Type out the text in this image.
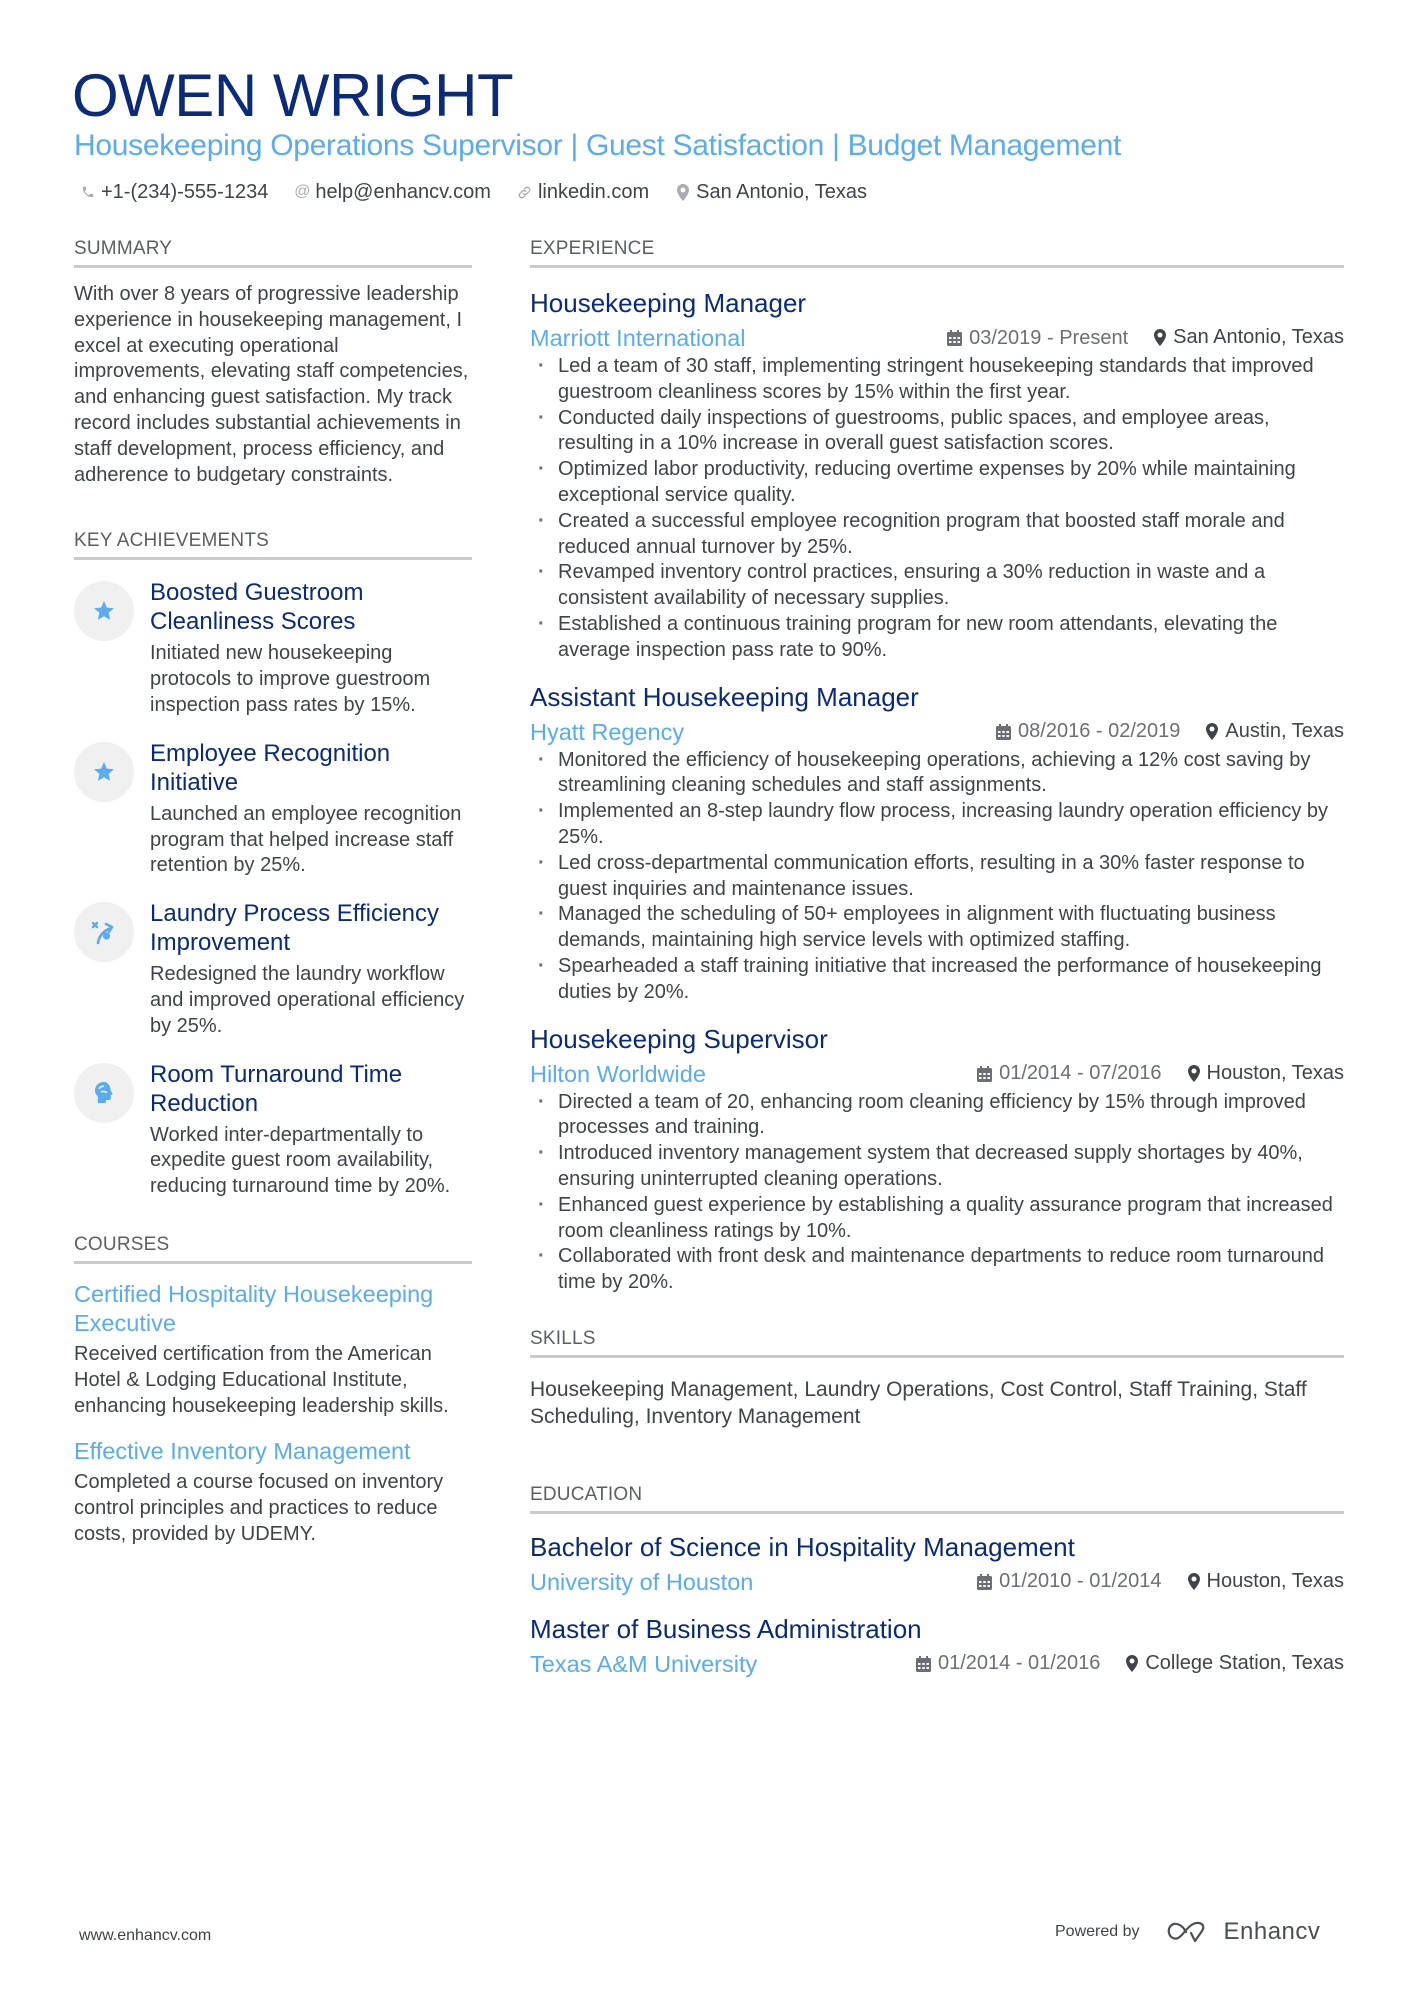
OWEN WRIGHT
Housekeeping Operations Supervisor | Guest Satisfaction | Budget Management
+1-(234)-555-1234 @ help@enhancv.com linkedin.com San Antonio, Texas
SUMMARY

With over 8 years of progressive leadership experience in housekeeping management, I excel at executing operational improvements, elevating staff competencies, and enhancing guest satisfaction. My track record includes substantial achievements in staff development, process efficiency, and adherence to budgetary constraints.

KEY ACHIEVEMENTS
Boosted Guestroom Cleanliness Scores
Initiated new housekeeping protocols to improve guestroom inspection pass rates by 15%.
Employee Recognition Initiative
Launched an employee recognition program that helped increase staff retention by 25%.
Laundry Process Efficiency Improvement
Redesigned the laundry workflow and improved operational efficiency by 25%.
Room Turnaround Time Reduction
Worked inter-departmentally to expedite guest room availability, reducing turnaround time by 20%.
COURSES
Certified Hospitality Housekeeping Executive
Received certification from the American Hotel & Lodging Educational Institute, enhancing housekeeping leadership skills.
Effective Inventory Management
Completed a course focused on inventory control principles and practices to reduce costs, provided by UDEMY.
EXPERIENCE
Housekeeping Manager
Marriott International	03/2019 - Present San Antonio, Texas
· Led a team of 30 staff, implementing stringent housekeeping standards that improved guestroom cleanliness scores by 15% within the first year.
· Conducted daily inspections of guestrooms, public spaces, and employee areas, resulting in a 10% increase in overall guest satisfaction scores.
· Optimized labor productivity, reducing overtime expenses by 20% while maintaining exceptional service quality.
· Created a successful employee recognition program that boosted staff morale and reduced annual turnover by 25%.
· Revamped inventory control practices, ensuring a 30% reduction in waste and a consistent availability of necessary supplies.
· Established a continuous training program for new room attendants, elevating the average inspection pass rate to 90%.
Assistant Housekeeping Manager
Hyatt Regency	08/2016 - 02/2019 Austin, Texas
· Monitored the efficiency of housekeeping operations, achieving a 12% cost saving by streamlining cleaning schedules and staff assignments.
· Implemented an 8-step laundry flow process, increasing laundry operation efficiency by 25%.
· Led cross-departmental communication efforts, resulting in a 30% faster response to guest inquiries and maintenance issues.
· Managed the scheduling of 50+ employees in alignment with fluctuating business demands, maintaining high service levels with optimized staffing.
· Spearheaded a staff training initiative that increased the performance of housekeeping duties by 20%.
Housekeeping Supervisor
Hilton Worldwide	01/2014 - 07/2016 Houston, Texas
· Directed a team of 20, enhancing room cleaning efficiency by 15% through improved processes and training.
· Introduced inventory management system that decreased supply shortages by 40%, ensuring uninterrupted cleaning operations.
· Enhanced guest experience by establishing a quality assurance program that increased room cleanliness ratings by 10%.
· Collaborated with front desk and maintenance departments to reduce room turnaround time by 20%.
SKILLS

Housekeeping Management, Laundry Operations, Cost Control, Staff Training, Staff Scheduling, Inventory Management

EDUCATION
Bachelor of Science in Hospitality Management
University of Houston	01/2010 - 01/2014 Houston, Texas
Master of Business Administration
Texas A&M University	01/2014 - 01/2016 College Station, Texas
www.enhancv.com	Powered by	Enhancv
